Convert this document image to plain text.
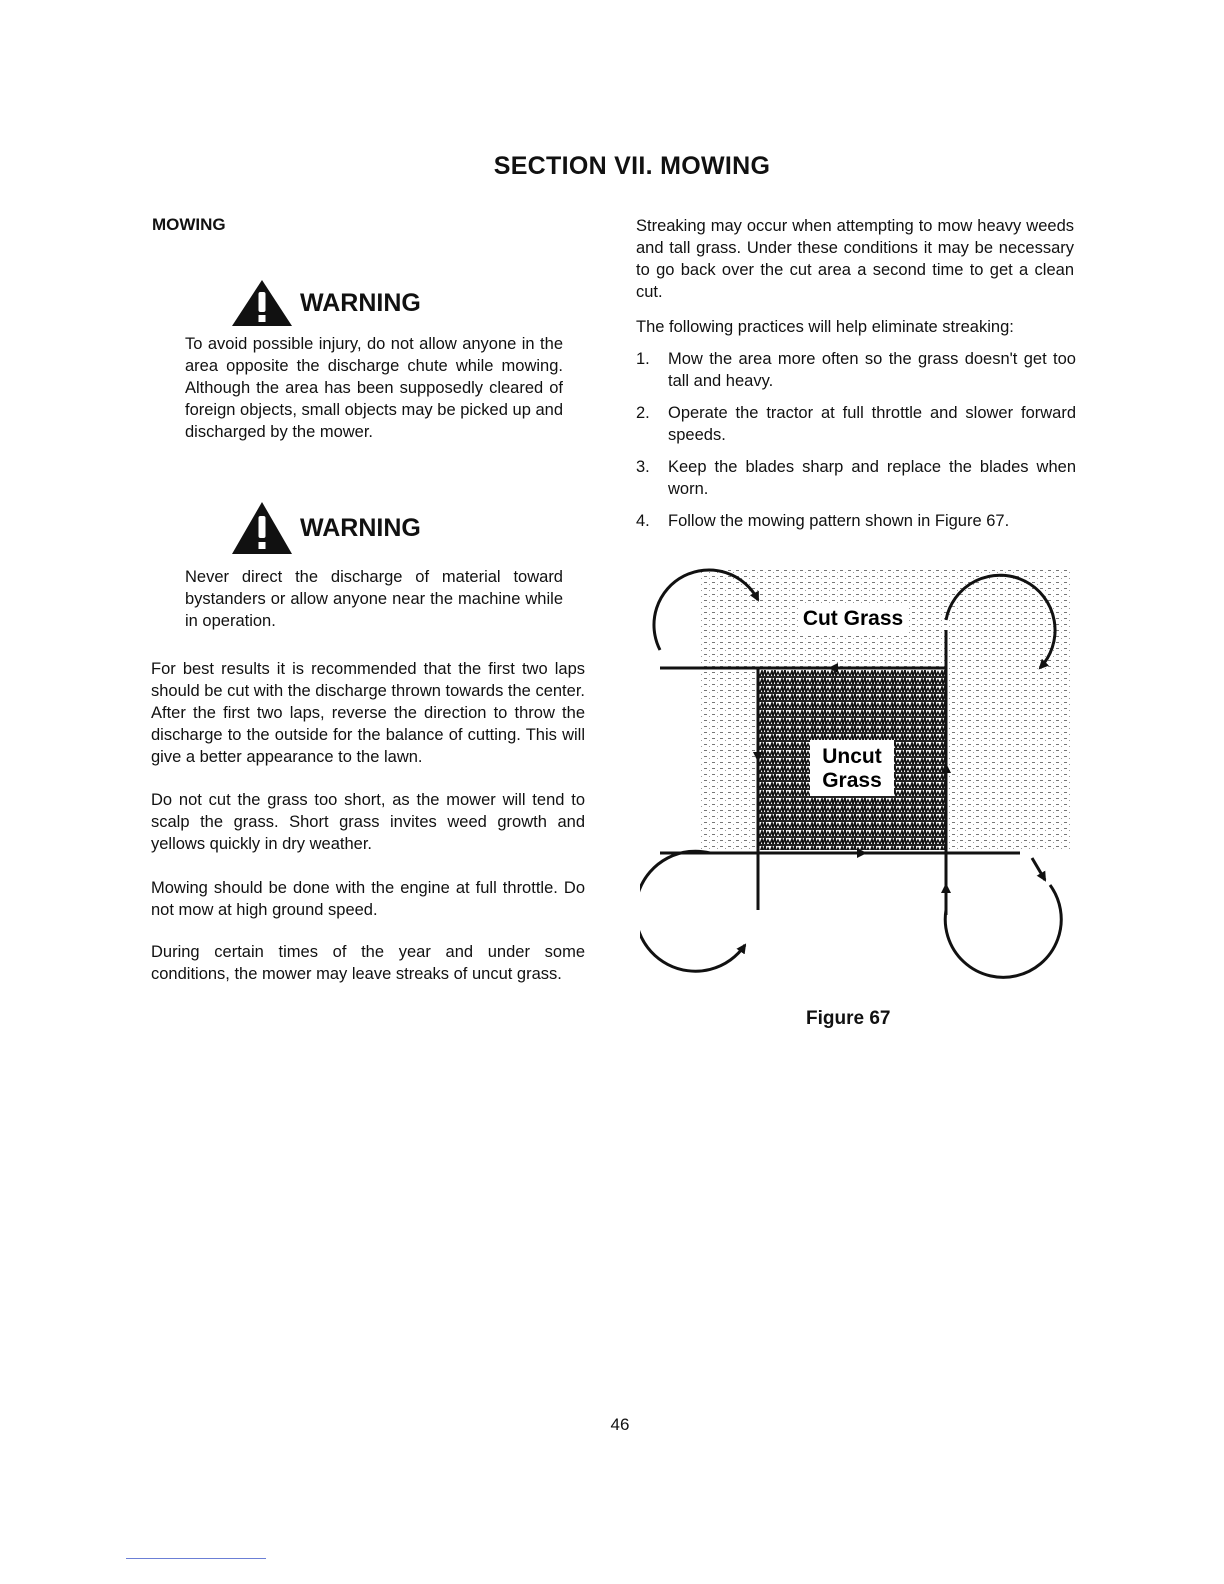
SECTION VII. MOWING
MOWING
WARNING
To avoid possible injury, do not allow anyone in the area opposite the discharge chute while mowing. Although the area has been supposedly cleared of foreign objects, small objects may be picked up and discharged by the mower.
WARNING
Never direct the discharge of material toward bystanders or allow anyone near the machine while in operation.
For best results it is recommended that the first two laps should be cut with the discharge thrown towards the center. After the first two laps, reverse the direction to throw the discharge to the outside for the balance of cutting. This will give a better appearance to the lawn.
Do not cut the grass too short, as the mower will tend to scalp the grass. Short grass invites weed growth and yellows quickly in dry weather.
Mowing should be done with the engine at full throttle. Do not mow at high ground speed.
During certain times of the year and under some conditions, the mower may leave streaks of uncut grass.
Streaking may occur when attempting to mow heavy weeds and tall grass. Under these conditions it may be necessary to go back over the cut area a second time to get a clean cut.
The following practices will help eliminate streaking:
1.	Mow the area more often so the grass doesn't get too tall and heavy.
2.	Operate the tractor at full throttle and slower forward speeds.
3.	Keep the blades sharp and replace the blades when worn.
4.	Follow the mowing pattern shown in Figure 67.
Cut Grass
Uncut
Grass
Figure 67
46
